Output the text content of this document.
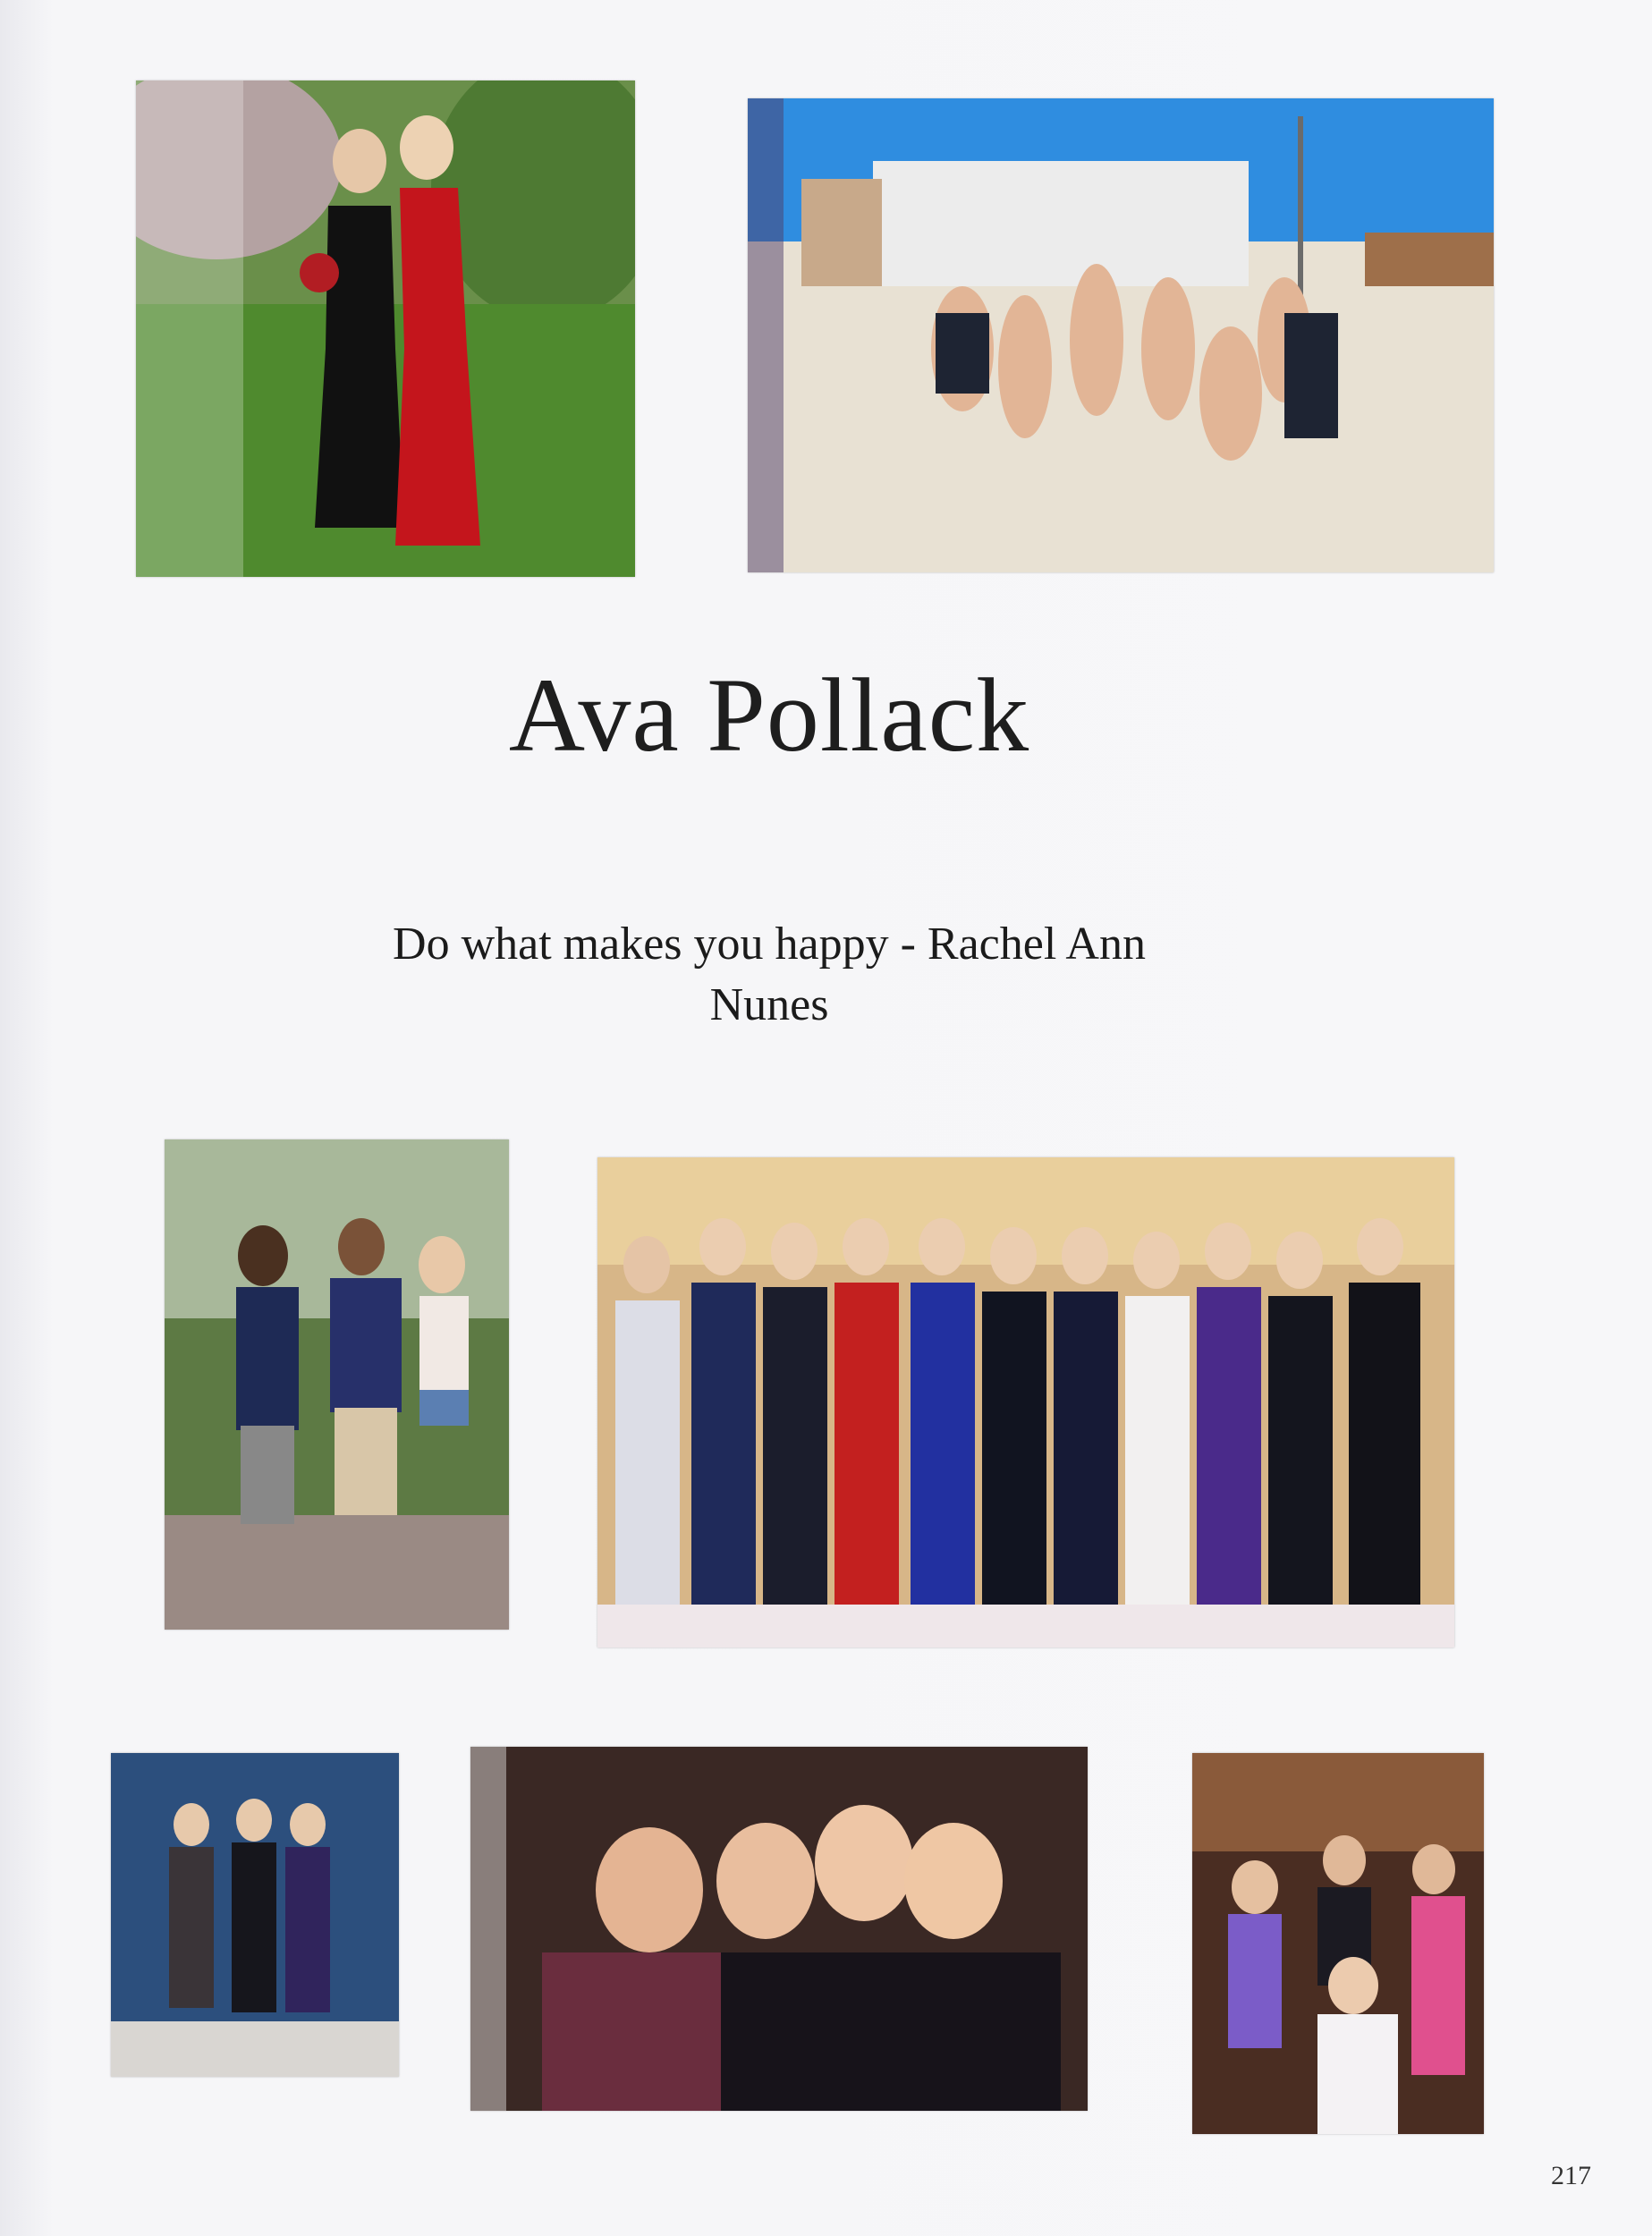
Ava Pollack
Do what makes you happy - Rachel Ann
Nunes
217
